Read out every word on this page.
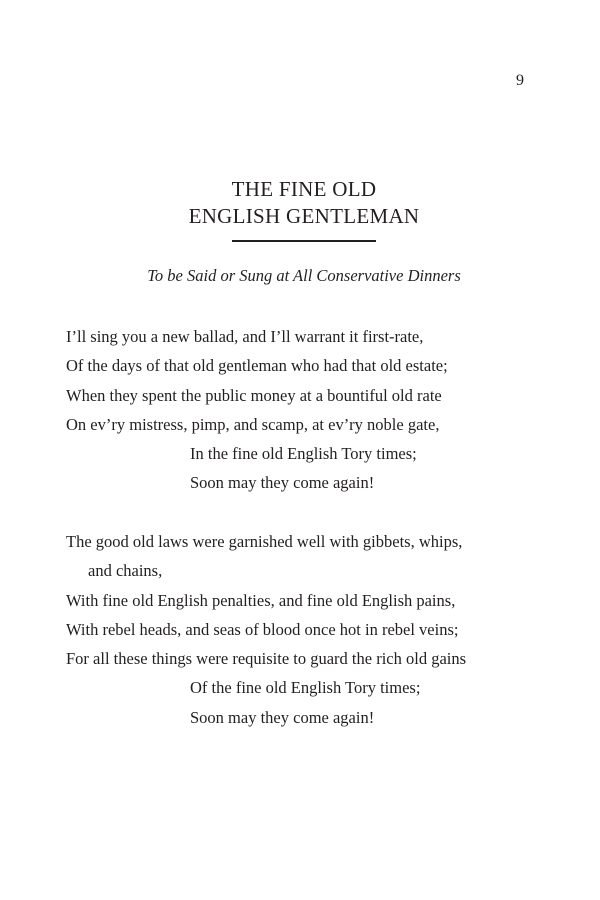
9
THE FINE OLD
ENGLISH GENTLEMAN

To be Said or Sung at All Conservative Dinners

I’ll sing you a new ballad, and I’ll warrant it first-rate,
Of the days of that old gentleman who had that old estate;
When they spent the public money at a bountiful old rate
On ev’ry mistress, pimp, and scamp, at ev’ry noble gate,
In the fine old English Tory times;
Soon may they come again!
The good old laws were garnished well with gibbets, whips,
and chains,
With fine old English penalties, and fine old English pains,
With rebel heads, and seas of blood once hot in rebel veins;
For all these things were requisite to guard the rich old gains
Of the fine old English Tory times;
Soon may they come again!
